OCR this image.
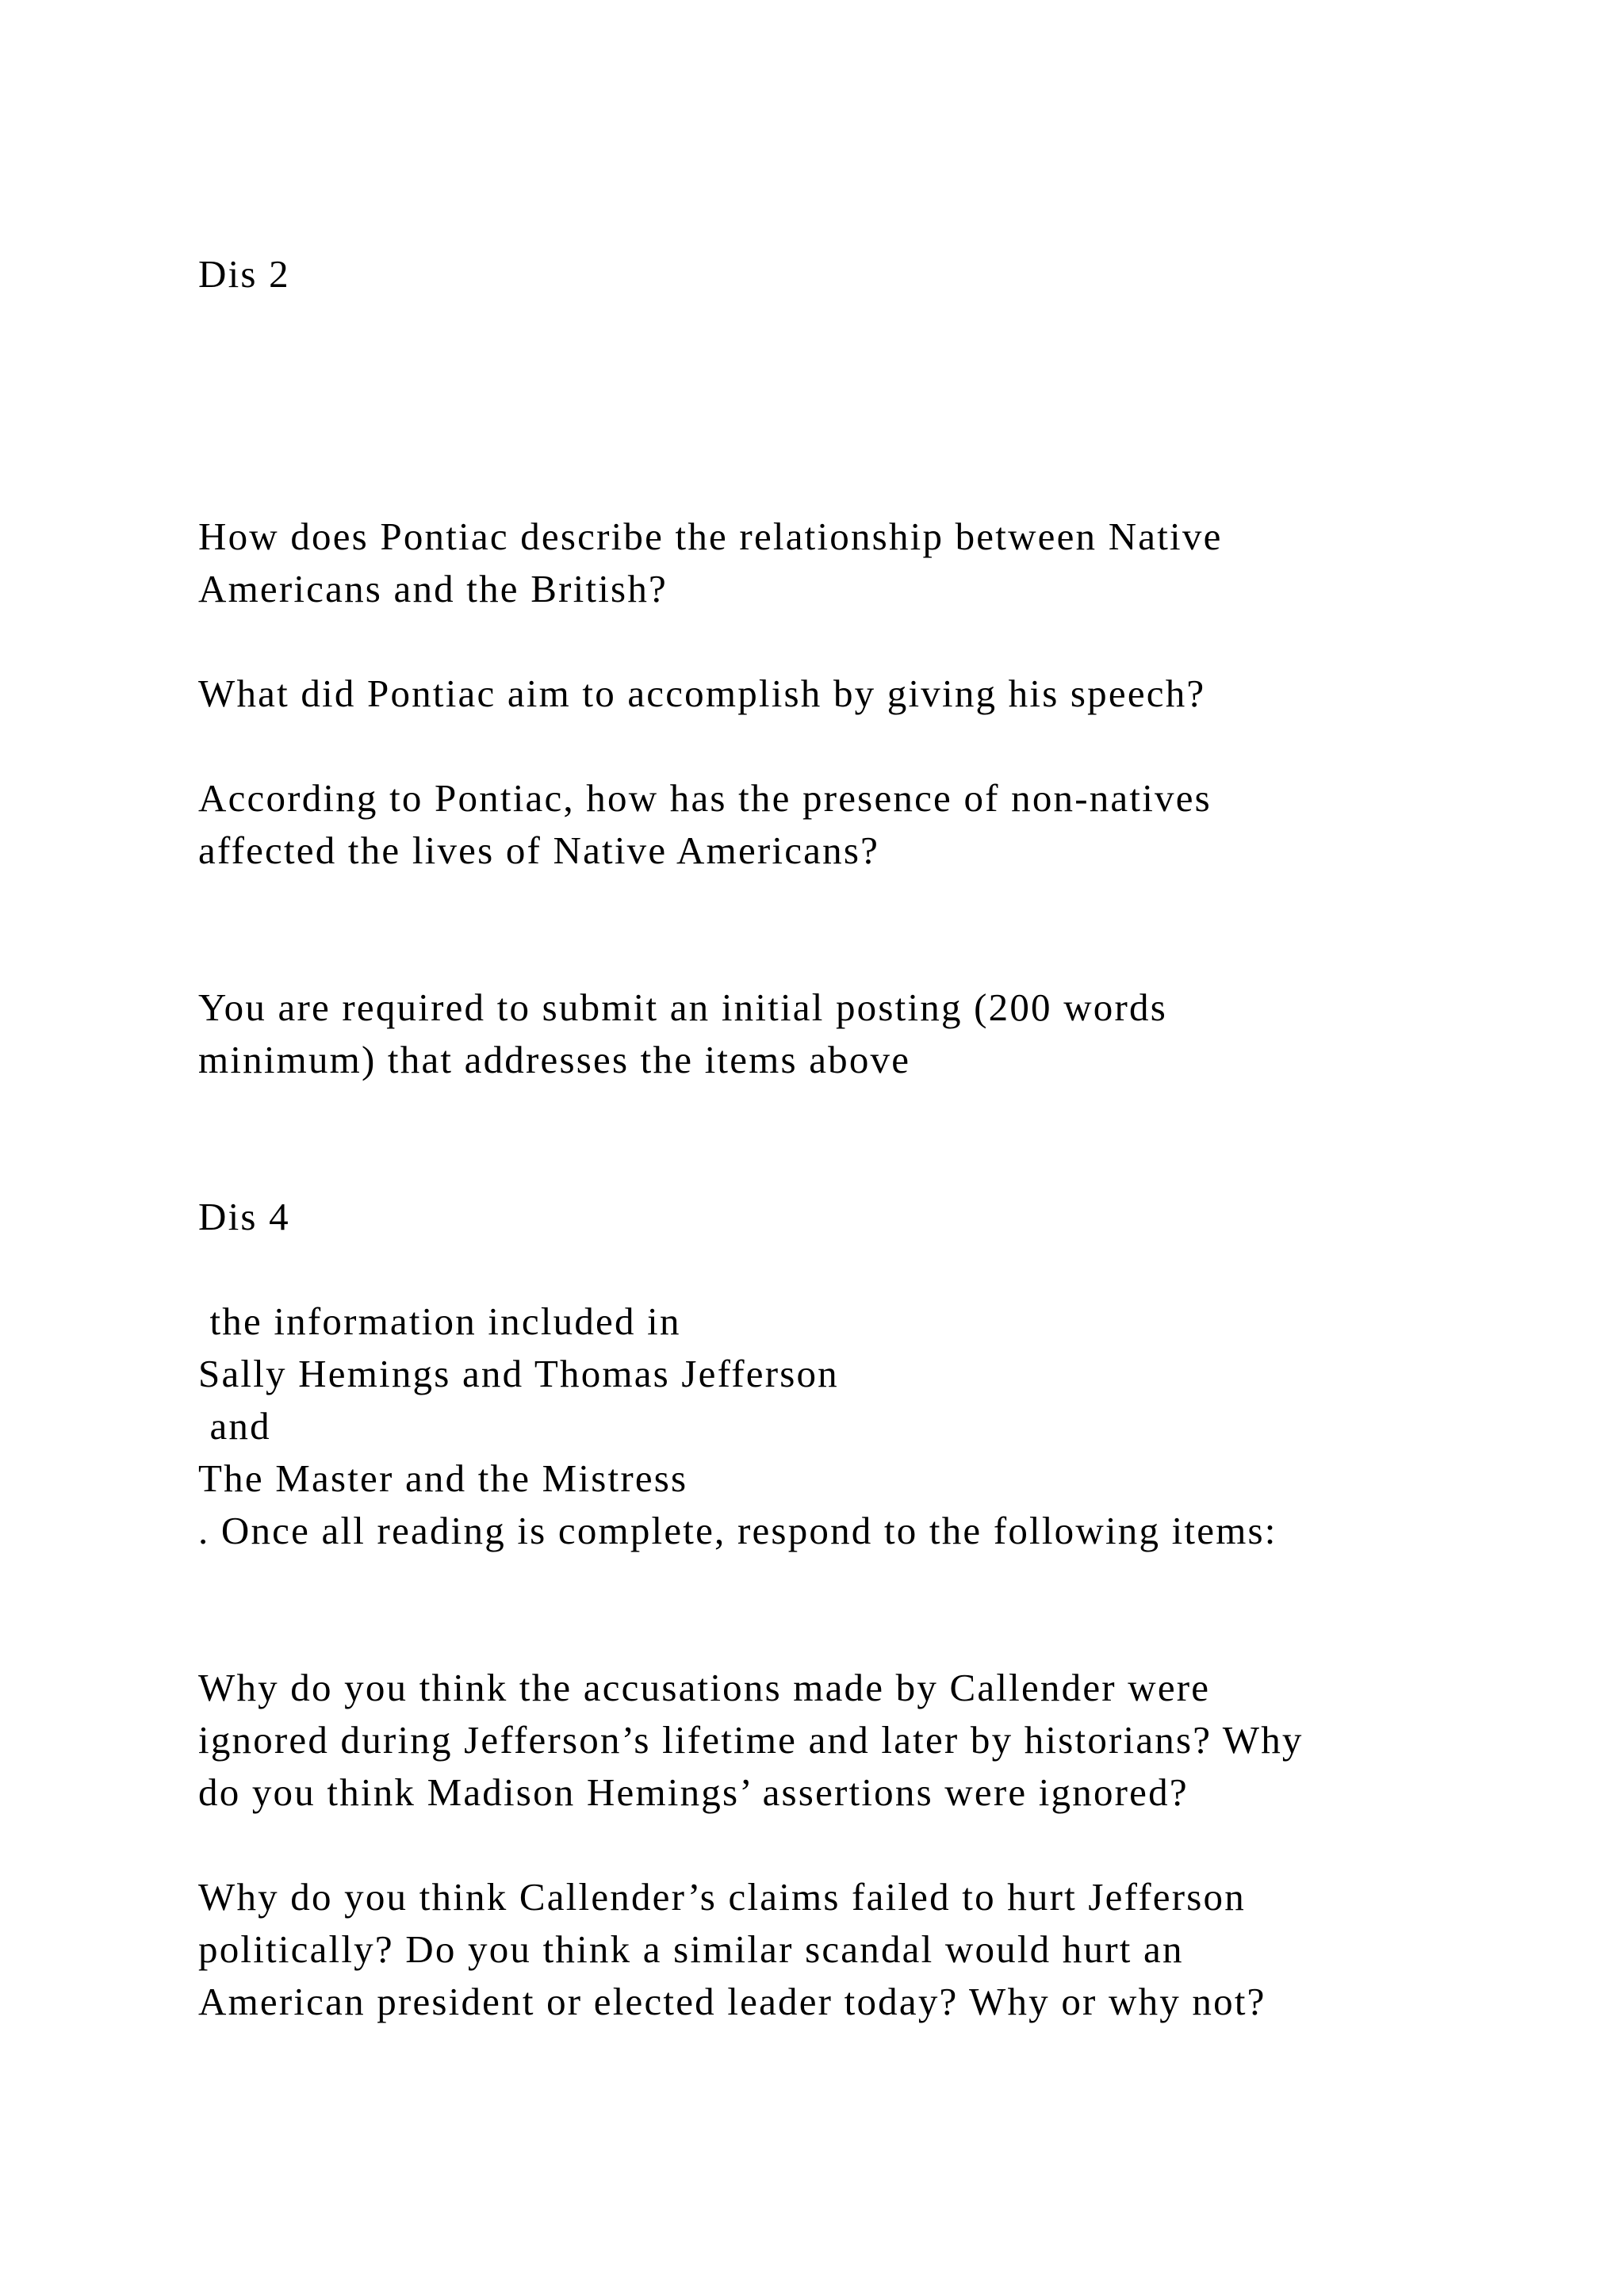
Dis 2
How does Pontiac describe the relationship between Native
Americans and the British?
What did Pontiac aim to accomplish by giving his speech?
According to Pontiac, how has the presence of non-natives
affected the lives of Native Americans?
You are required to submit an initial posting (200 words
minimum) that addresses the items above
Dis 4
the information included in
Sally Hemings and Thomas Jefferson
and
The Master and the Mistress
. Once all reading is complete, respond to the following items:
Why do you think the accusations made by Callender were
ignored during Jefferson’s lifetime and later by historians? Why
do you think Madison Hemings’ assertions were ignored?
Why do you think Callender’s claims failed to hurt Jefferson
politically? Do you think a similar scandal would hurt an
American president or elected leader today? Why or why not?
